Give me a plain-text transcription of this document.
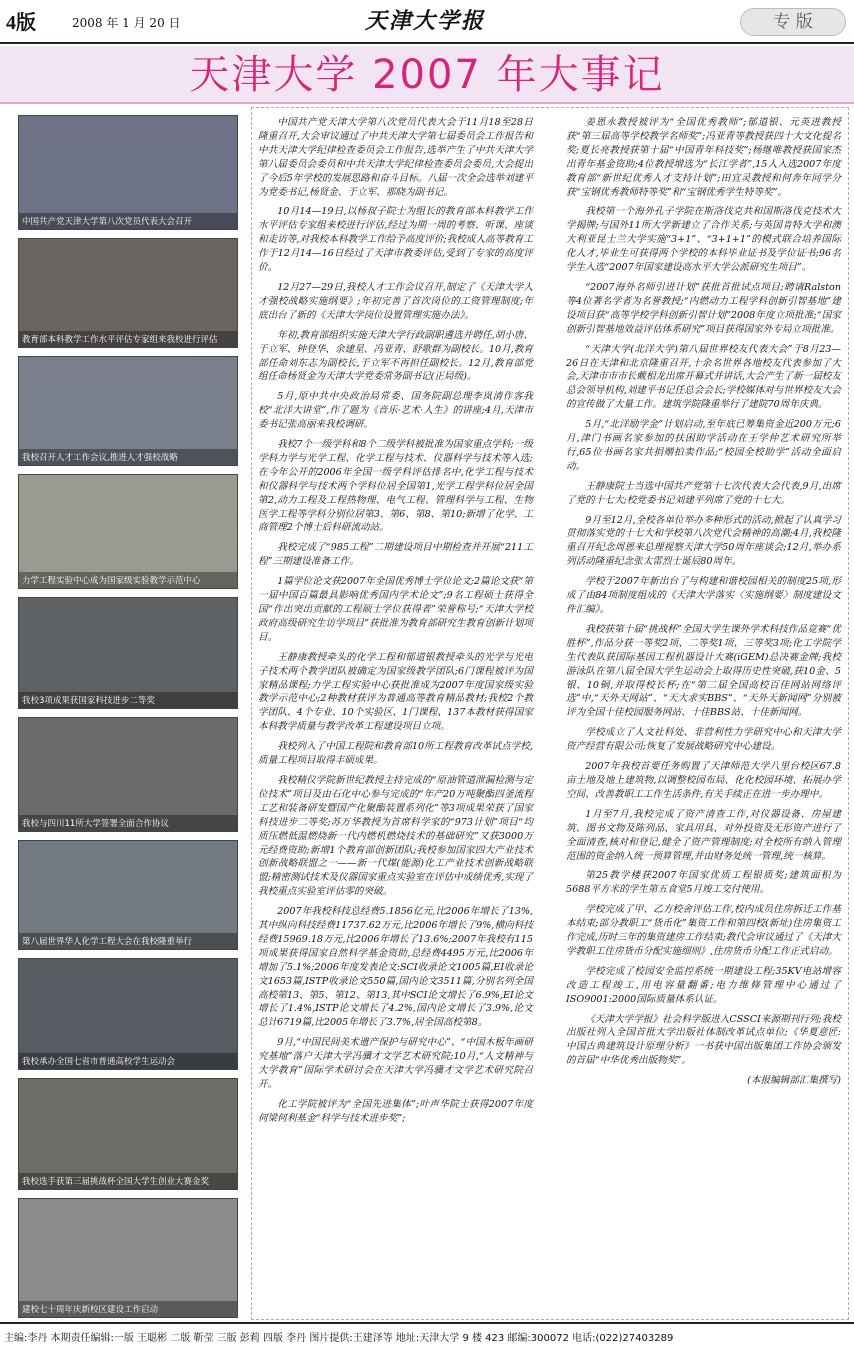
4版	2008 年 1 月 20 日	天津大学报	专 版
天津大学 2007 年大事记
中国共产党天津大学第八次党员代表大会召开
教育部本科教学工作水平评估专家组来我校进行评估
我校召开人才工作会议,推进人才强校战略
力学工程实验中心成为国家级实验教学示范中心
我校3项成果获国家科技进步二等奖
我校与四川11所大学签署全面合作协议
第八届世界华人化学工程大会在我校隆重举行
我校承办全国七省市普通高校学生运动会
我校选手获第三届挑战杯全国大学生创业大赛金奖
建校七十周年庆新校区建设工作启动

中国共产党天津大学第八次党员代表大会于11月18至28日隆重召开,大会审议通过了中共天津大学第七届委员会工作报告和中共天津大学纪律检查委员会工作报告,选举产生了中共天津大学第八届委员会委员和中共天津大学纪律检查委员会委员,大会提出了今后5年学校的发展思路和奋斗目标。八届一次全会选举刘建平为党委书记,杨贤金、于立军、那晓为副书记。

10月14—19日,以杨叔子院士为组长的教育部本科教学工作水平评估专家组来校进行评估,经过为期一周的考察、听课、座谈和走访等,对我校本科教学工作给予高度评价;我校成人高等教育工作于12月14—16日经过了天津市教委评估,受到了专家的高度评价。

12月27—29日,我校人才工作会议召开,制定了《天津大学人才强校战略实施纲要》;年初完善了首次岗位的工资管理制度;年底出台了新的《天津大学岗位设置管理实施办法》。

年初,教育部组织实施天津大学行政副职遴选并聘任,胡小唐、于立军、钟登华、余建星、冯亚青、舒歌群为副校长。10月,教育部任命刘东志为副校长,于立军不再担任副校长。12月,教育部党组任命杨贤金为天津大学党委常务副书记(正局级)。

5月,原中共中央政治局常委、国务院副总理李岚清作客我校“北洋大讲堂”,作了题为《音乐·艺术·人生》的讲座;4月,天津市委书记张高丽来我校调研。

我校7个一级学科和8个二级学科被批准为国家重点学科;一级学科力学与光学工程、化学工程与技术、仪器科学与技术等入选;在今年公开的2006年全国一级学科评估排名中,化学工程与技术和仪器科学与技术两个学科位居全国第1,光学工程学科位居全国第2,动力工程及工程热物理、电气工程、管理科学与工程、生物医学工程等学科分别位居第3、第6、第8、第10;新增了化学、工商管理2个博士后科研流动站。

我校完成了“985工程”二期建设项目中期检查并开展“211工程”三期建设准备工作。

1篇学位论文获2007年全国优秀博士学位论文;2篇论文获“第一届中国百篇最具影响优秀国内学术论文”;9名工程硕士获得全国“作出突出贡献的工程硕士学位获得者”荣誉称号;“天津大学校政府高级研究生访学项目”获批准为教育部研究生教育创新计划项目。

王静康教授牵头的化学工程和郁道银教授牵头的光学与光电子技术两个教学团队被确定为国家级教学团队;6门课程被评为国家精品课程;力学工程实验中心获批准成为2007年度国家级实验教学示范中心;2种教材获评为普通高等教育精品教材;我校2个教学团队、4个专业、10个实验区、1门课程、137本教材获得国家本科教学质量与教学改革工程建设项目立项。

我校列入了中国工程院和教育部10所工程教育改革试点学校,质量工程项目取得丰硕成果。

我校精仪学院新世纪教授主持完成的“原油管道泄漏检测与定位技术”项目及由石化中心参与完成的“年产20万吨聚酯四釜流程工艺和装备研发暨国产化聚酯装置系列化”等3项成果荣获了国家科技进步二等奖;苏万华教授为首席科学家的“973计划”项目“均质压燃低温燃烧新一代内燃机燃烧技术的基础研究”又获3000万元经费资助;新增1个教育部创新团队;我校参加国家四大产业技术创新战略联盟之一——新一代煤(能源)化工产业技术创新战略联盟;精密测试技术及仪器国家重点实验室在评估中成绩优秀,实现了我校重点实验室评估零的突破。

2007年我校科技总经费5.1856亿元,比2006年增长了13%,其中纵向科技经费11737.62万元,比2006年增长了9%,横向科技经费15969.18万元,比2006年增长了13.6%;2007年我校有115项成果获得国家自然科学基金资助,总经费4495万元,比2006年增加了5.1%;2006年度发表论文:SCI收录论文1005篇,EI收录论文1653篇,ISTP收录论文550篇,国内论文3511篇,分别名列全国高校第13、第5、第12、第13,其中SCI论文增长了6.9%,EI论文增长了1.4%,ISTP论文增长了4.2%,国内论文增长了3.9%,论文总计6719篇,比2005年增长了3.7%,居全国高校第8。

9月,“中国民间美术遗产保护与研究中心”、“中国木板年画研究基地”落户天津大学冯骥才文学艺术研究院;10月,“人文精神与大学教育”国际学术研讨会在天津大学冯骥才文学艺术研究院召开。

化工学院被评为“全国先进集体”;叶声华院士获得2007年度何梁何利基金“科学与技术进步奖”;

姜恩永教授被评为“全国优秀教师”;郁道银、元英进教授获“第三届高等学校教学名师奖”;冯亚青等教授获四十大文化提名奖;夏长亮教授获第十届“中国青年科技奖”;杨继唯教授获国家杰出青年基金资助;4位教授增选为“长江学者”,15人入选2007年度教育部“新世纪优秀人才支持计划”;田宜灵教授和何奔年同学分获“宝钢优秀教师特等奖”和“宝钢优秀学生特等奖”。

我校第一个海外孔子学院在斯洛伐克共和国斯洛伐克技术大学揭牌;与国外11所大学新建立了合作关系;与英国肯特大学和澳大利亚昆士兰大学实施“3+1”、“3+1+1”的模式联合培养国际化人才,毕业生可获得两个学校的本科毕业证书及学位证书;96名学生入选“2007年国家建设高水平大学公派研究生项目”。

“2007海外名师引进计划”获批首批试点项目;聘请Ralston等4位著名学者为名誉教授;“内燃动力工程学科创新引智基地”建设项目获“高等学校学科创新引智计划”2008年度立项批准;“国家创新引智基地效益评估体系研究”项目获得国家外专局立项批准。

“天津大学(北洋大学)第八届世界校友代表大会”于8月23—26日在天津和北京隆重召开,十余名世界各地校友代表参加了大会,天津市市市长戴相龙出席开幕式并讲话,大会产生了新一届校友总会领导机构,刘建平书记任总会会长;学校媒体对与世界校友大会的宣传做了大量工作。建筑学院隆重举行了建院70周年庆典。

5月,“北洋励学金”计划启动,至年底已筹集资金近200万元;6月,津门书画名家参加的扶困助学活动在王学仲艺术研究所举行,65位书画名家共捐赠拍卖作品;“校园全校助学”活动全面启动。

王静康院士当选中国共产党第十七次代表大会代表,9月,出席了党的十七大;校党委书记刘建平列席了党的十七大。

9月至12月,全校各单位举办多种形式的活动,掀起了认真学习贯彻落实党的十七大和学校第八次党代会精神的高潮;4月,我校隆重召开纪念周恩来总理视察天津大学50周年座谈会;12月,举办系列活动隆重纪念张太雷烈士诞辰80周年。

学校于2007年新出台了与构建和谐校园相关的制度25项,形成了由84项制度组成的《天津大学落实〈实施纲要〉制度建设文件汇编》。

我校获第十届“挑战杯”全国大学生课外学术科技作品竞赛“优胜杯”,作品分获一等奖2项、二等奖1项、三等奖3项;化工学院学生代表队获国际基因工程机器设计大赛(iGEM)总决赛金牌;我校游泳队在第八届全国大学生运动会上取得历史性突破,获10金、5银、10铜,并取得校长杯;在“第二届全国高校百佳网站网络评选”中,“天外天网站”、“天大求实BBS”、“天外天新闻网”分别被评为全国十佳校园服务网站、十佳BBS站、十佳新闻网。

学校成立了人文社科处、非营利性力学研究中心和天津大学资产经营有限公司;恢复了发展战略研究中心建设。

2007年我校首要任务购置了天津师范大学八里台校区67.8亩土地及地上建筑物,以调整校园布局、化化校园环境、拓展办学空间、改善教职工工作生活条件,有关手续正在进一步办理中。

1月至7月,我校完成了资产清查工作,对仪器设备、房屋建筑、图书文物及陈列品、家具用具、对外投资及无形资产进行了全面清查,核对和登记,健全了资产管理制度;对全校所有纳入管理范围的资金纳入统一预算管理,并由财务处统一管理,统一核算。

第25教学楼获2007年国家优质工程银质奖;建筑面积为5688平方米的学生第五食堂5月竣工交付使用。

学校完成了甲、乙方校舍评估工作,校内成员住房拆迁工作基本结束;部分教职工“货币化”集资工作和第四校(新址)住房集资工作完成,历时三年的集资建房工作结束;教代会审议通过了《天津大学教职工住房货币分配实施细则》,住房货币分配工作正式启动。

学校完成了校园安全监控系统一期建设工程;35KV电站增容改造工程竣工,用电容量翻番;电力维修管理中心通过了ISO9001:2000国际质量体系认证。

《天津大学学报》社会科学版进入CSSCI来源期刊行列;我校出版社列入全国首批大学出版社体制改革试点单位;《华夏意匠:中国古典建筑设计原理分析》一书获中国出版集团工作协会颁发的首届“中华优秀出版物奖”。

(本报编辑部汇集撰写)

主编:李丹 本期责任编辑:一版 王聪彬 二版 靳莹 三版 彭莉 四版 李丹 图片提供:王建泽等 地址:天津大学 9 楼 423 邮编:300072 电话:(022)27403289
